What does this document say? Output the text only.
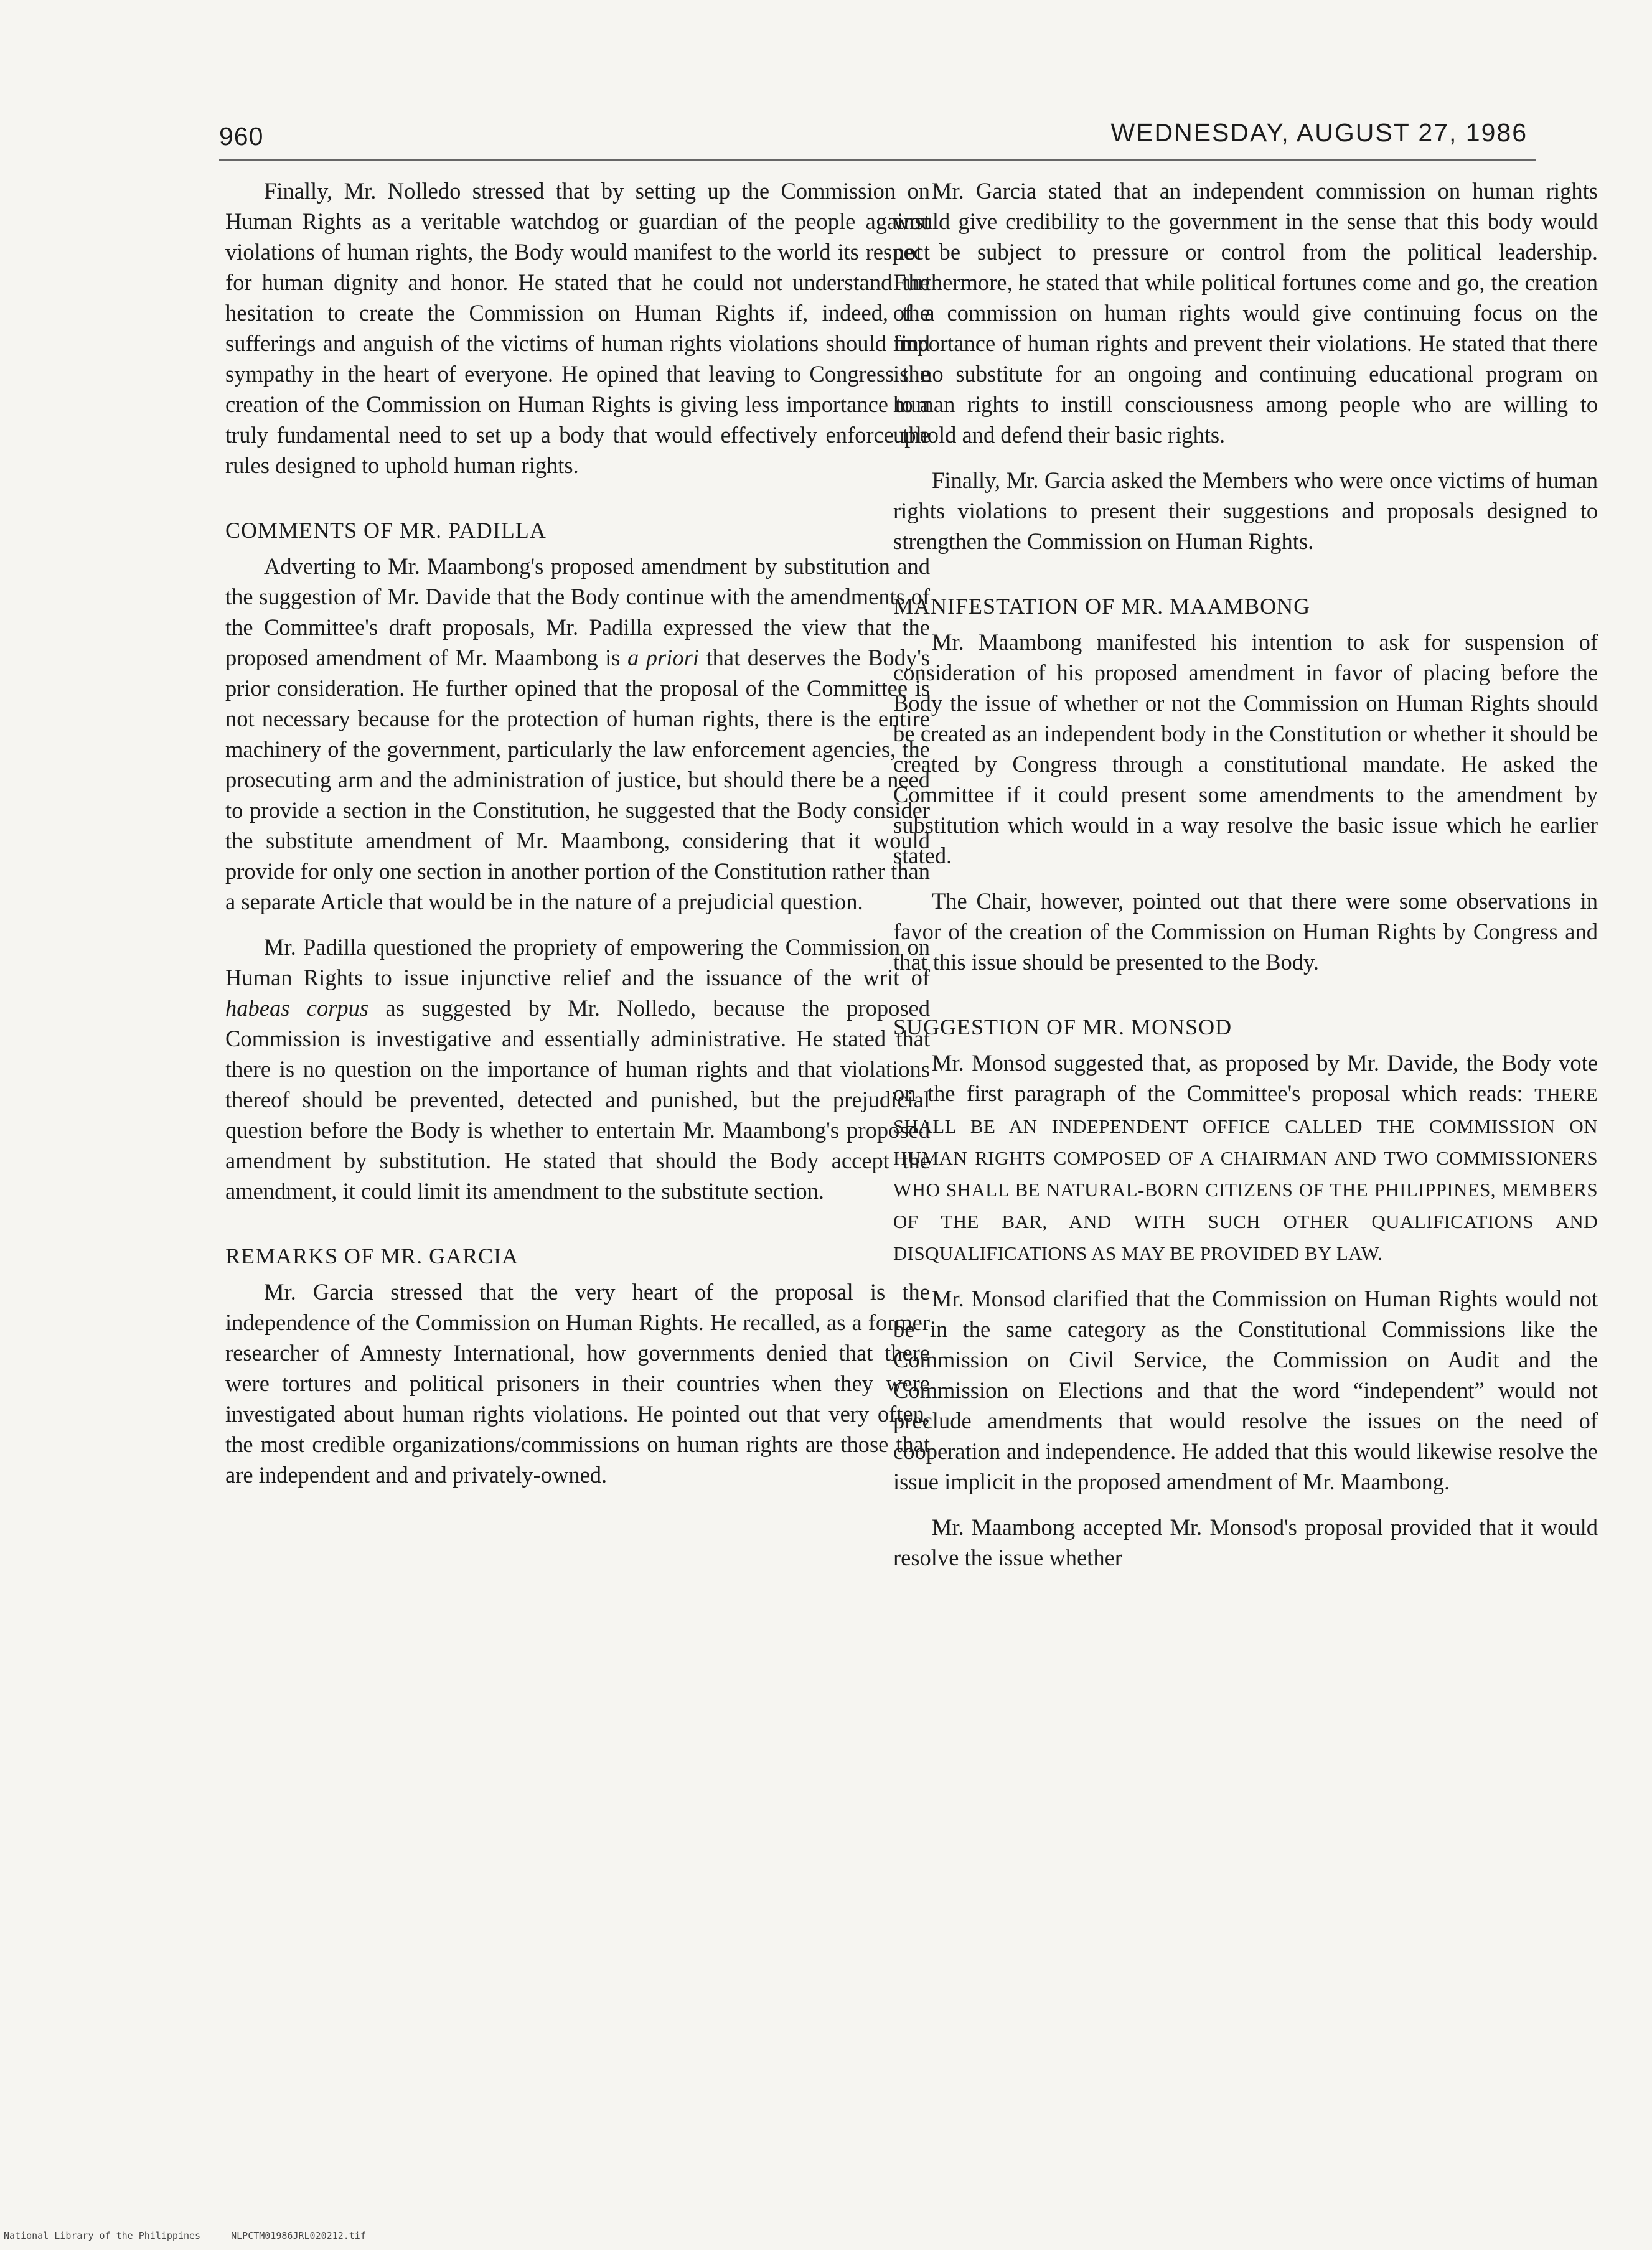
960	WEDNESDAY, AUGUST 27, 1986

Finally, Mr. Nolledo stressed that by setting up the Commission on Human Rights as a veritable watchdog or guardian of the people against violations of human rights, the Body would manifest to the world its respect for human dignity and honor. He stated that he could not understand the hesitation to create the Commission on Human Rights if, indeed, the sufferings and anguish of the victims of human rights violations should find sympathy in the heart of everyone. He opined that leaving to Congress the creation of the Commission on Human Rights is giving less importance to a truly fundamental need to set up a body that would effectively enforce the rules designed to uphold human rights.

COMMENTS OF MR. PADILLA

Adverting to Mr. Maambong's proposed amendment by substitution and the suggestion of Mr. Davide that the Body continue with the amendments of the Committee's draft proposals, Mr. Padilla expressed the view that the proposed amendment of Mr. Maambong is a priori that deserves the Body's prior consideration. He further opined that the proposal of the Committee is not necessary because for the protection of human rights, there is the entire machinery of the government, particularly the law enforcement agencies, the prosecuting arm and the administration of justice, but should there be a need to provide a section in the Constitution, he suggested that the Body consider the substitute amendment of Mr. Maambong, considering that it would provide for only one section in another portion of the Constitution rather than a separate Article that would be in the nature of a prejudicial question.

Mr. Padilla questioned the propriety of empowering the Commission on Human Rights to issue injunctive relief and the issuance of the writ of habeas corpus as suggested by Mr. Nolledo, because the proposed Commission is investigative and essentially administrative. He stated that there is no question on the importance of human rights and that violations thereof should be prevented, detected and punished, but the prejudicial question before the Body is whether to entertain Mr. Maambong's proposed amendment by substitution. He stated that should the Body accept the amendment, it could limit its amendment to the substitute section.

REMARKS OF MR. GARCIA

Mr. Garcia stressed that the very heart of the proposal is the independence of the Commission on Human Rights. He recalled, as a former researcher of Amnesty International, how governments denied that there were tortures and political prisoners in their countries when they were investigated about human rights violations. He pointed out that very often, the most credible organizations/commissions on human rights are those that are independent and and privately-owned.

Mr. Garcia stated that an independent commission on human rights would give credibility to the government in the sense that this body would not be subject to pressure or control from the political leadership. Furthermore, he stated that while political fortunes come and go, the creation of a commission on human rights would give continuing focus on the importance of human rights and prevent their violations. He stated that there is no substitute for an ongoing and continuing educational program on human rights to instill consciousness among people who are willing to uphold and defend their basic rights.

Finally, Mr. Garcia asked the Members who were once victims of human rights violations to present their suggestions and proposals designed to strengthen the Commission on Human Rights.

MANIFESTATION OF MR. MAAMBONG

Mr. Maambong manifested his intention to ask for suspension of consideration of his proposed amendment in favor of placing before the Body the issue of whether or not the Commission on Human Rights should be created as an independent body in the Constitution or whether it should be created by Congress through a constitutional mandate. He asked the Committee if it could present some amendments to the amendment by substitution which would in a way resolve the basic issue which he earlier stated.

The Chair, however, pointed out that there were some observations in favor of the creation of the Commission on Human Rights by Congress and that this issue should be presented to the Body.

SUGGESTION OF MR. MONSOD

Mr. Monsod suggested that, as proposed by Mr. Davide, the Body vote on the first paragraph of the Committee's proposal which reads: THERE SHALL BE AN INDEPENDENT OFFICE CALLED THE COMMISSION ON HUMAN RIGHTS COMPOSED OF A CHAIRMAN AND TWO COMMISSIONERS WHO SHALL BE NATURAL-BORN CITIZENS OF THE PHILIPPINES, MEMBERS OF THE BAR, AND WITH SUCH OTHER QUALIFICATIONS AND DISQUALIFICATIONS AS MAY BE PROVIDED BY LAW.

Mr. Monsod clarified that the Commission on Human Rights would not be in the same category as the Constitutional Commissions like the Commission on Civil Service, the Commission on Audit and the Commission on Elections and that the word “independent” would not preclude amendments that would resolve the issues on the need of cooperation and independence. He added that this would likewise resolve the issue implicit in the proposed amendment of Mr. Maambong.

Mr. Maambong accepted Mr. Monsod's proposal provided that it would resolve the issue whether

National Library of the Philippines	NLPCTM01986JRL020212.tif
